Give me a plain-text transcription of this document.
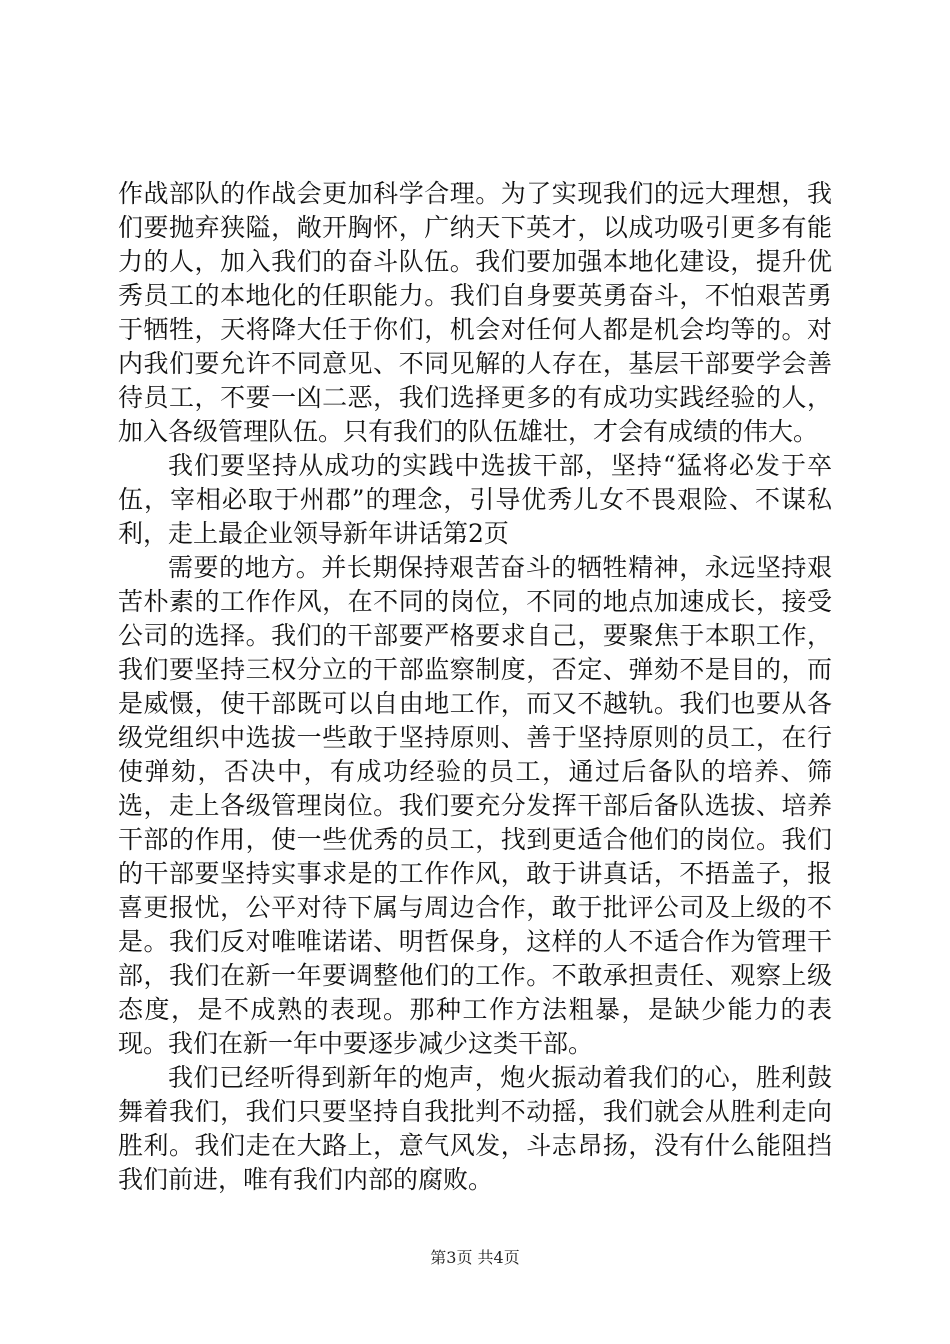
作战部队的作战会更加科学合理。为了实现我们的远大理想，我们要抛弃狭隘，敞开胸怀，广纳天下英才，以成功吸引更多有能力的人，加入我们的奋斗队伍。我们要加强本地化建设，提升优秀员工的本地化的任职能力。我们自身要英勇奋斗，不怕艰苦勇于牺牲，天将降大任于你们，机会对任何人都是机会均等的。对内我们要允许不同意见、不同见解的人存在，基层干部要学会善待员工，不要一凶二恶，我们选择更多的有成功实践经验的人，加入各级管理队伍。只有我们的队伍雄壮，才会有成绩的伟大。

我们要坚持从成功的实践中选拔干部，坚持“猛将必发于卒伍，宰相必取于州郡”的理念，引导优秀儿女不畏艰险、不谋私利，走上最企业领导新年讲话第2页

需要的地方。并长期保持艰苦奋斗的牺牲精神，永远坚持艰苦朴素的工作作风，在不同的岗位，不同的地点加速成长，接受公司的选择。我们的干部要严格要求自己，要聚焦于本职工作，我们要坚持三权分立的干部监察制度，否定、弹劾不是目的，而是威慑，使干部既可以自由地工作，而又不越轨。我们也要从各级党组织中选拔一些敢于坚持原则、善于坚持原则的员工，在行使弹劾，否决中，有成功经验的员工，通过后备队的培养、筛选，走上各级管理岗位。我们要充分发挥干部后备队选拔、培养干部的作用，使一些优秀的员工，找到更适合他们的岗位。我们的干部要坚持实事求是的工作作风，敢于讲真话，不捂盖子，报喜更报忧，公平对待下属与周边合作，敢于批评公司及上级的不是。我们反对唯唯诺诺、明哲保身，这样的人不适合作为管理干部，我们在新一年要调整他们的工作。不敢承担责任、观察上级态度，是不成熟的表现。那种工作方法粗暴，是缺少能力的表现。我们在新一年中要逐步减少这类干部。

我们已经听得到新年的炮声，炮火振动着我们的心，胜利鼓舞着我们，我们只要坚持自我批判不动摇，我们就会从胜利走向胜利。我们走在大路上，意气风发，斗志昂扬，没有什么能阻挡我们前进，唯有我们内部的腐败。

第3页 共4页
